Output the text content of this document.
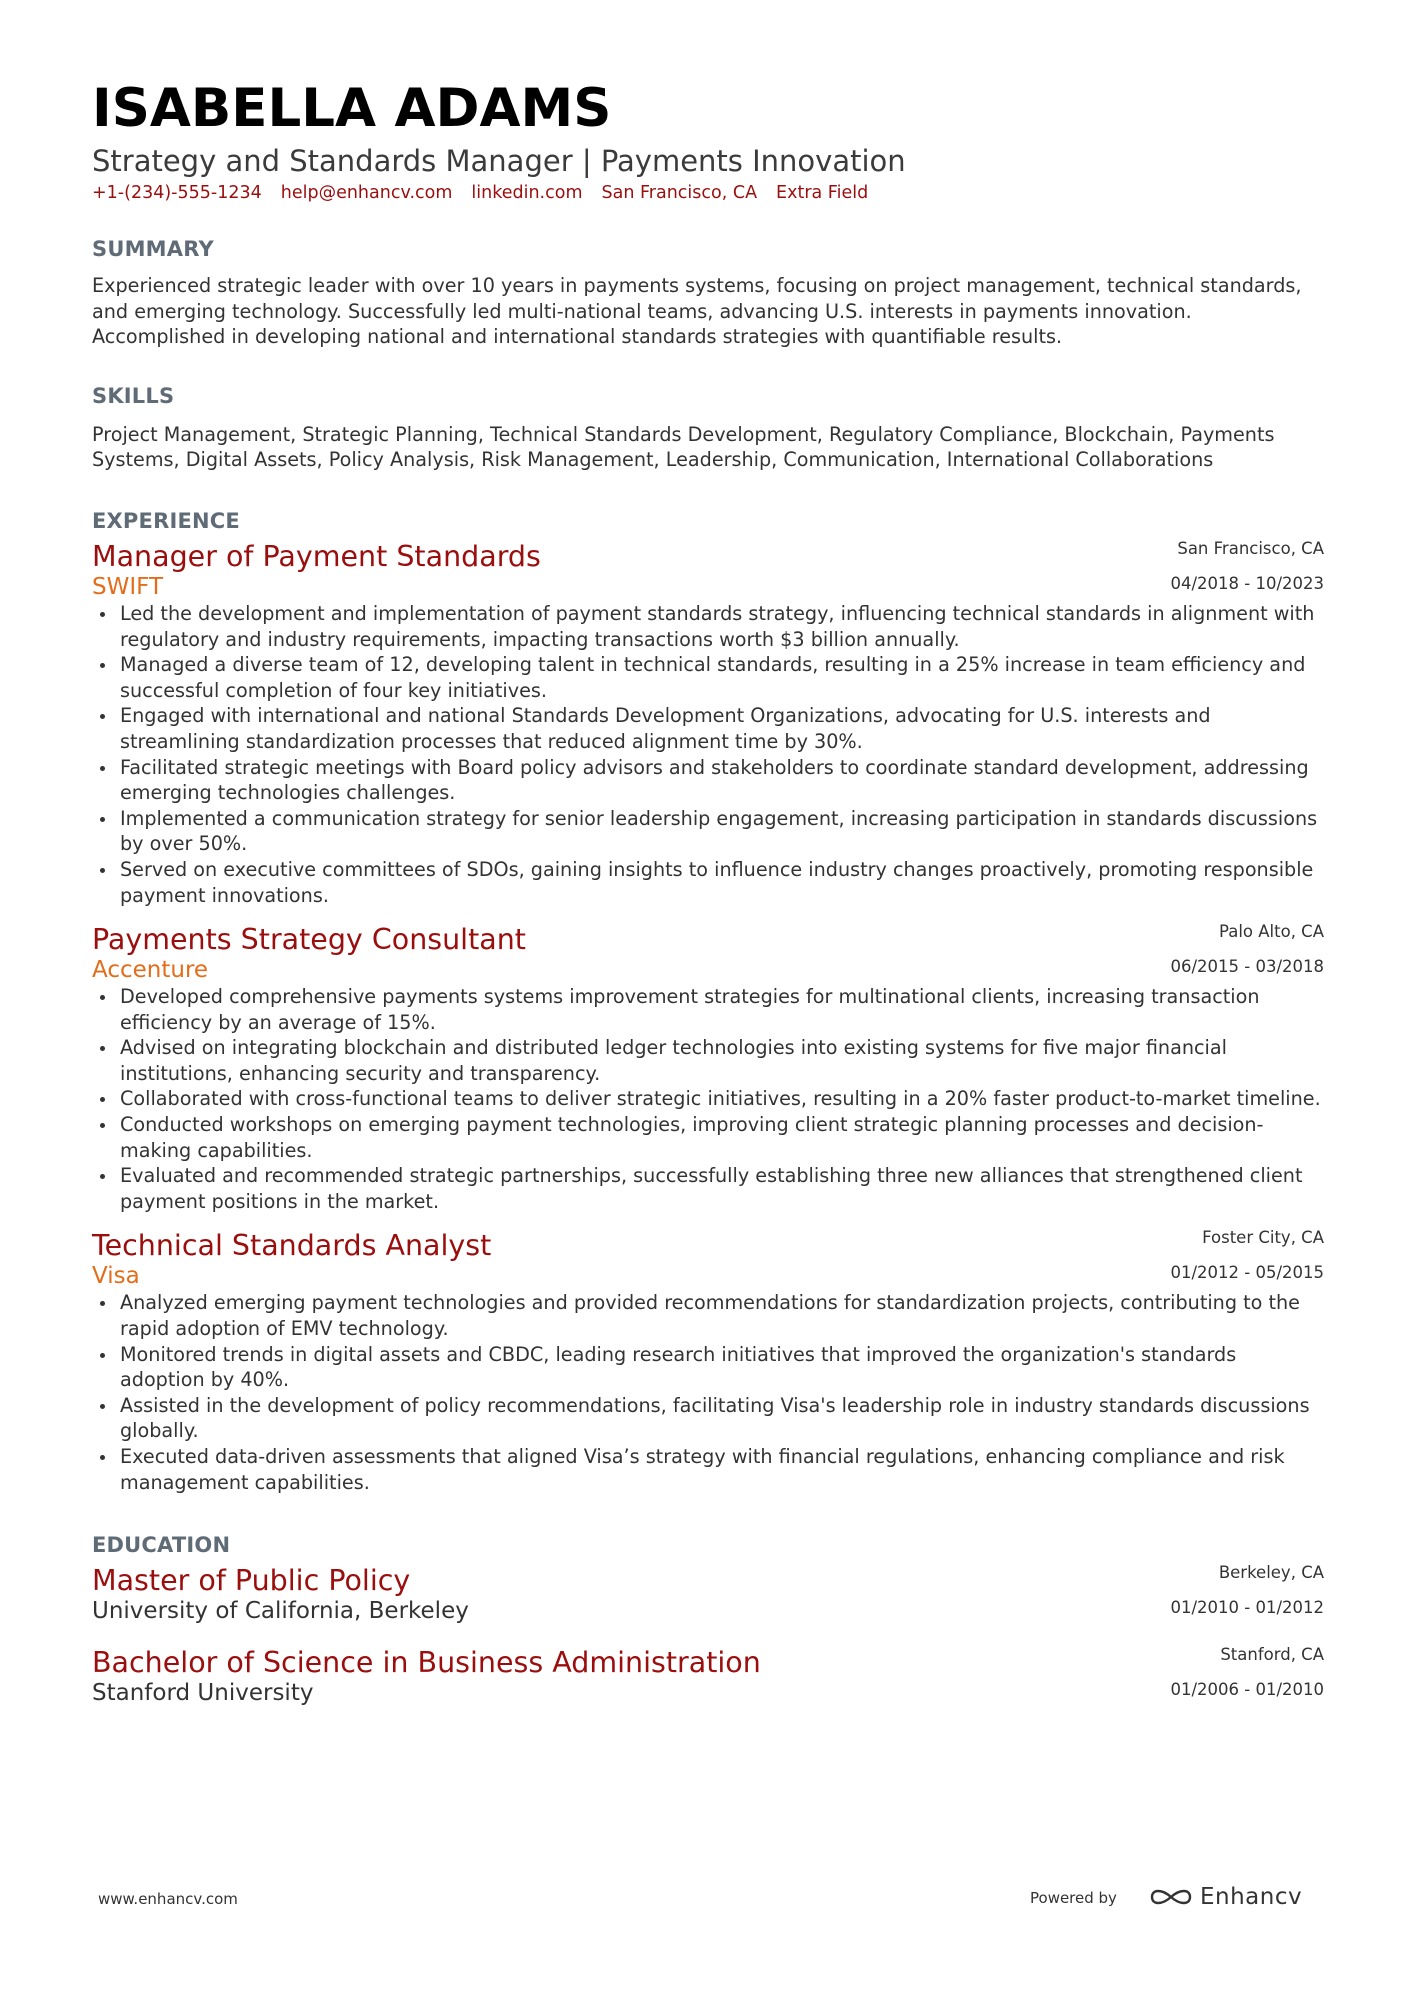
ISABELLA ADAMS
Strategy and Standards Manager | Payments Innovation
+1-(234)-555-1234 help@enhancv.com linkedin.com San Francisco, CA Extra Field
SUMMARY
Experienced strategic leader with over 10 years in payments systems, focusing on project management, technical standards, and emerging technology. Successfully led multi-national teams, advancing U.S. interests in payments innovation. Accomplished in developing national and international standards strategies with quantifiable results.
SKILLS
Project Management, Strategic Planning, Technical Standards Development, Regulatory Compliance, Blockchain, Payments Systems, Digital Assets, Policy Analysis, Risk Management, Leadership, Communication, International Collaborations
EXPERIENCE
Manager of Payment Standards
SWIFT
San Francisco, CA
04/2018 - 10/2023
Led the development and implementation of payment standards strategy, influencing technical standards in alignment with regulatory and industry requirements, impacting transactions worth $3 billion annually.
Managed a diverse team of 12, developing talent in technical standards, resulting in a 25% increase in team efficiency and successful completion of four key initiatives.
Engaged with international and national Standards Development Organizations, advocating for U.S. interests and streamlining standardization processes that reduced alignment time by 30%.
Facilitated strategic meetings with Board policy advisors and stakeholders to coordinate standard development, addressing emerging technologies challenges.
Implemented a communication strategy for senior leadership engagement, increasing participation in standards discussions by over 50%.
Served on executive committees of SDOs, gaining insights to influence industry changes proactively, promoting responsible payment innovations.
Payments Strategy Consultant
Accenture
Palo Alto, CA
06/2015 - 03/2018
Developed comprehensive payments systems improvement strategies for multinational clients, increasing transaction efficiency by an average of 15%.
Advised on integrating blockchain and distributed ledger technologies into existing systems for five major financial institutions, enhancing security and transparency.
Collaborated with cross-functional teams to deliver strategic initiatives, resulting in a 20% faster product-to-market timeline.
Conducted workshops on emerging payment technologies, improving client strategic planning processes and decision-making capabilities.
Evaluated and recommended strategic partnerships, successfully establishing three new alliances that strengthened client payment positions in the market.
Technical Standards Analyst
Visa
Foster City, CA
01/2012 - 05/2015
Analyzed emerging payment technologies and provided recommendations for standardization projects, contributing to the rapid adoption of EMV technology.
Monitored trends in digital assets and CBDC, leading research initiatives that improved the organization's standards adoption by 40%.
Assisted in the development of policy recommendations, facilitating Visa's leadership role in industry standards discussions globally.
Executed data-driven assessments that aligned Visa’s strategy with financial regulations, enhancing compliance and risk management capabilities.
EDUCATION
Master of Public Policy
University of California, Berkeley
Berkeley, CA
01/2010 - 01/2012
Bachelor of Science in Business Administration
Stanford University
Stanford, CA
01/2006 - 01/2010
www.enhancv.com	Powered by	Enhancv
